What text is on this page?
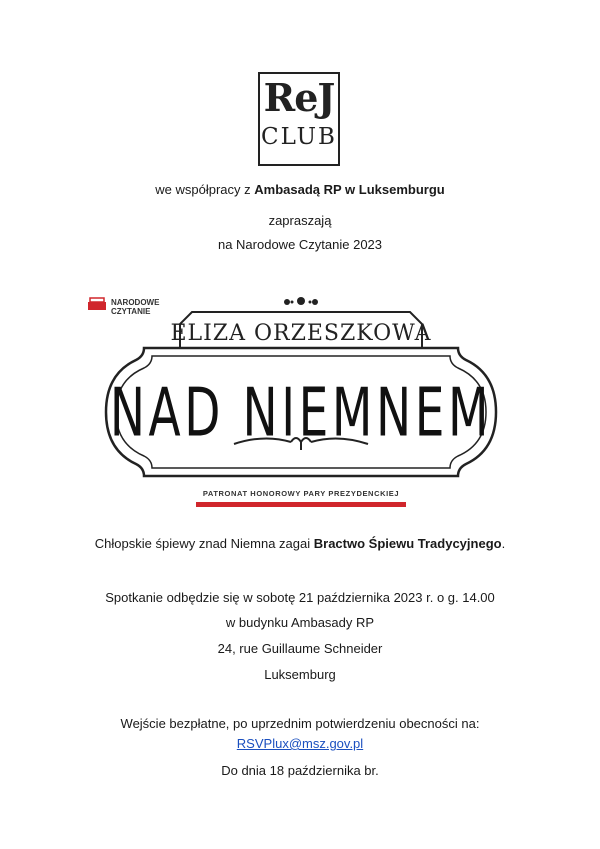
ReJ
CLUB
we współpracy z Ambasadą RP w Luksemburgu
zapraszają
na Narodowe Czytanie 2023
NARODOWE
CZYTANIE
ELIZA ORZESZKOWA
NAD NIEMNEM
PATRONAT HONOROWY PARY PREZYDENCKIEJ
Chłopskie śpiewy znad Niemna zagai Bractwo Śpiewu Tradycyjnego.
Spotkanie odbędzie się w sobotę 21 października 2023 r. o g. 14.00
w budynku Ambasady RP
24, rue Guillaume Schneider
Luksemburg
Wejście bezpłatne, po uprzednim potwierdzeniu obecności na:
RSVPlux@msz.gov.pl
Do dnia 18 października br.
